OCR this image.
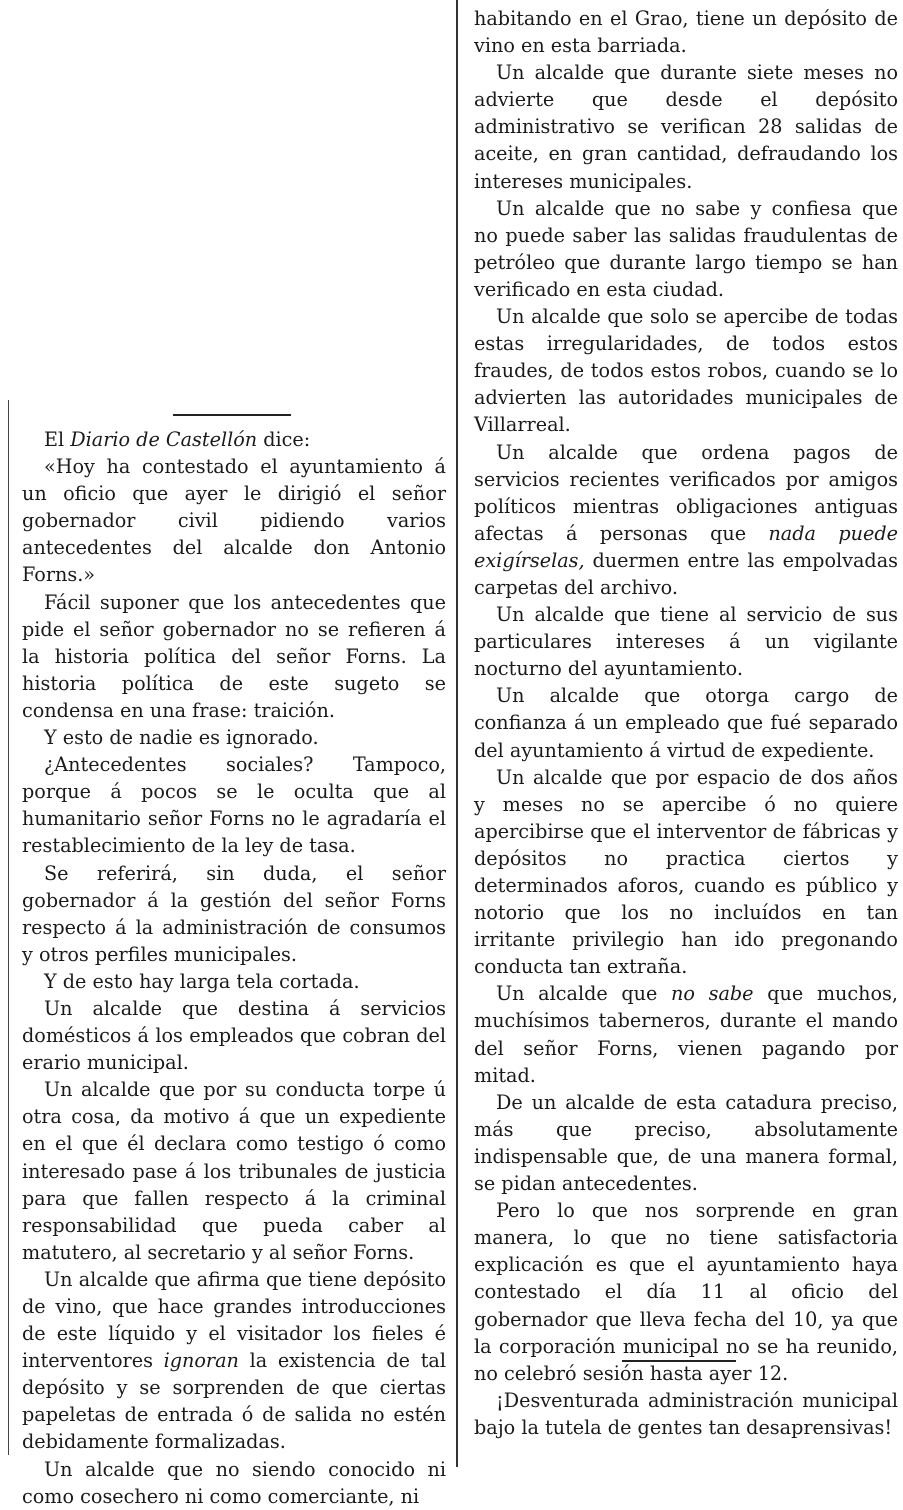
El Diario de Castellón dice:

«Hoy ha contestado el ayuntamiento á un oficio que ayer le dirigió el señor gobernador civil pidiendo varios antecedentes del alcalde don Antonio Forns.»

Fácil suponer que los antecedentes que pide el señor gobernador no se refieren á la historia política del señor Forns. La historia política de este sugeto se condensa en una frase: traición.

Y esto de nadie es ignorado.

¿Antecedentes sociales? Tampoco, porque á pocos se le oculta que al humanitario señor Forns no le agradaría el restablecimiento de la ley de tasa.

Se referirá, sin duda, el señor gobernador á la gestión del señor Forns respecto á la administración de consumos y otros perfiles municipales.

Y de esto hay larga tela cortada.

Un alcalde que destina á servicios domésticos á los empleados que cobran del erario municipal.

Un alcalde que por su conducta torpe ú otra cosa, da motivo á que un expediente en el que él declara como testigo ó como interesado pase á los tribunales de justicia para que fallen respecto á la criminal responsabilidad que pueda caber al matutero, al secretario y al señor Forns.

Un alcalde que afirma que tiene depósito de vino, que hace grandes introducciones de este líquido y el visitador los fieles é interventores ignoran la existencia de tal depósito y se sorprenden de que ciertas papeletas de entrada ó de salida no estén debidamente formalizadas.

Un alcalde que no siendo conocido ni como cosechero ni como comerciante, ni

habitando en el Grao, tiene un depósito de vino en esta barriada.

Un alcalde que durante siete meses no advierte que desde el depósito administrativo se verifican 28 salidas de aceite, en gran cantidad, defraudando los intereses municipales.

Un alcalde que no sabe y confiesa que no puede saber las salidas fraudulentas de petróleo que durante largo tiempo se han verificado en esta ciudad.

Un alcalde que solo se apercibe de todas estas irregularidades, de todos estos fraudes, de todos estos robos, cuando se lo advierten las autoridades municipales de Villarreal.

Un alcalde que ordena pagos de servicios recientes verificados por amigos políticos mientras obligaciones antiguas afectas á personas que nada puede exigírselas, duermen entre las empolvadas carpetas del archivo.

Un alcalde que tiene al servicio de sus particulares intereses á un vigilante nocturno del ayuntamiento.

Un alcalde que otorga cargo de confianza á un empleado que fué separado del ayuntamiento á virtud de expediente.

Un alcalde que por espacio de dos años y meses no se apercibe ó no quiere apercibirse que el interventor de fábricas y depósitos no practica ciertos y determinados aforos, cuando es público y notorio que los no incluídos en tan irritante privilegio han ido pregonando conducta tan extraña.

Un alcalde que no sabe que muchos, muchísimos taberneros, durante el mando del señor Forns, vienen pagando por mitad.

De un alcalde de esta catadura preciso, más que preciso, absolutamente indispensable que, de una manera formal, se pidan antecedentes.

Pero lo que nos sorprende en gran manera, lo que no tiene satisfactoria explicación es que el ayuntamiento haya contestado el día 11 al oficio del gobernador que lleva fecha del 10, ya que la corporación municipal no se ha reunido, no celebró sesión hasta ayer 12.

¡Desventurada administración municipal bajo la tutela de gentes tan desaprensivas!
